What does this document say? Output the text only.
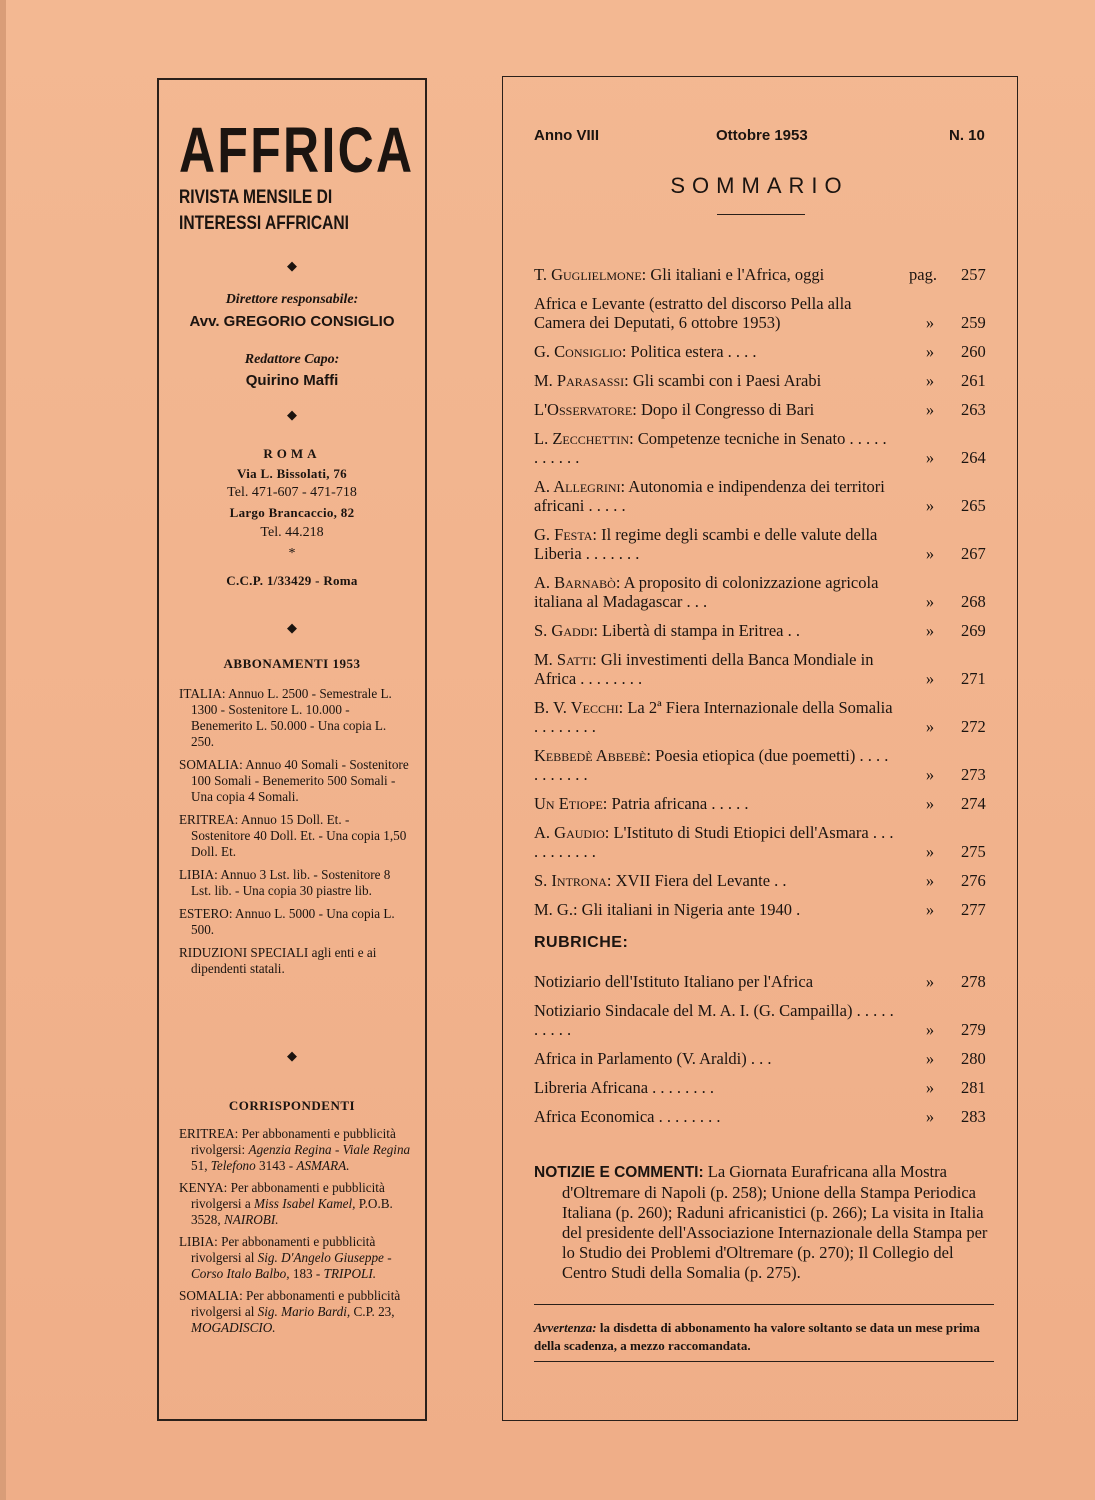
AFFRICA
RIVISTA MENSILE DI
INTERESSI AFFRICANI
◆
Direttore responsabile:
Avv. GREGORIO CONSIGLIO
Redattore Capo:
Quirino Maffi
◆
ROMA
Via L. Bissolati, 76
Tel. 471-607 - 471-718
Largo Brancaccio, 82
Tel. 44.218
*
C.C.P. 1/33429 - Roma
◆
ABBONAMENTI 1953
ITALIA: Annuo L. 2500 - Semestrale L. 1300 - Sostenitore L. 10.000 - Benemerito L. 50.000 - Una copia L. 250.
SOMALIA: Annuo 40 Somali - Sostenitore 100 Somali - Benemerito 500 Somali - Una copia 4 Somali.
ERITREA: Annuo 15 Doll. Et. - Sostenitore 40 Doll. Et. - Una copia 1,50 Doll. Et.
LIBIA: Annuo 3 Lst. lib. - Sostenitore 8 Lst. lib. - Una copia 30 piastre lib.
ESTERO: Annuo L. 5000 - Una copia L. 500.
RIDUZIONI SPECIALI agli enti e ai dipendenti statali.
◆
CORRISPONDENTI
ERITREA: Per abbonamenti e pubblicità rivolgersi: Agenzia Regina - Viale Regina 51, Telefono 3143 - ASMARA.
KENYA: Per abbonamenti e pubblicità rivolgersi a Miss Isabel Kamel, P.O.B. 3528, NAIROBI.
LIBIA: Per abbonamenti e pubblicità rivolgersi al Sig. D'Angelo Giuseppe - Corso Italo Balbo, 183 - TRIPOLI.
SOMALIA: Per abbonamenti e pubblicità rivolgersi al Sig. Mario Bardi, C.P. 23, MOGADISCIO.
Anno VIII	Ottobre 1953	N. 10
SOMMARIO
T. Guglielmone: Gli italiani e l'Africa, oggi	pag. 257
Africa e Levante (estratto del discorso Pella alla Camera dei Deputati, 6 ottobre 1953)	» 259
G. Consiglio: Politica estera . . . .	» 260
M. Parasassi: Gli scambi con i Paesi Arabi	» 261
L'Osservatore: Dopo il Congresso di Bari	» 263
L. Zecchettin: Competenze tecniche in Senato . . . . . . . . . . .	» 264
A. Allegrini: Autonomia e indipendenza dei territori africani . . . . .	» 265
G. Festa: Il regime degli scambi e delle valute della Liberia . . . . . . .	» 267
A. Barnabò: A proposito di colonizzazione agricola italiana al Madagascar . . .	» 268
S. Gaddi: Libertà di stampa in Eritrea . .	» 269
M. Satti: Gli investimenti della Banca Mondiale in Africa . . . . . . . .	» 271
B. V. Vecchi: La 2ª Fiera Internazionale della Somalia . . . . . . . .	» 272
Kebbedè Abbebè: Poesia etiopica (due poemetti) . . . . . . . . . . .	» 273
Un Etiope: Patria africana . . . . .	» 274
A. Gaudio: L'Istituto di Studi Etiopici dell'Asmara . . . . . . . . . . .	» 275
S. Introna: XVII Fiera del Levante . .	» 276
M. G.: Gli italiani in Nigeria ante 1940 .	» 277
RUBRICHE:
Notiziario dell'Istituto Italiano per l'Africa	» 278
Notiziario Sindacale del M. A. I. (G. Campailla) . . . . . . . . . .	» 279
Africa in Parlamento (V. Araldi) . . .	» 280
Libreria Africana . . . . . . . .	» 281
Africa Economica . . . . . . . .	» 283
NOTIZIE E COMMENTI: La Giornata Eurafricana alla Mostra d'Oltremare di Napoli (p. 258); Unione della Stampa Periodica Italiana (p. 260); Raduni africanistici (p. 266); La visita in Italia del presidente dell'Associazione Internazionale della Stampa per lo Studio dei Problemi d'Oltremare (p. 270); Il Collegio del Centro Studi della Somalia (p. 275).
Avvertenza: la disdetta di abbonamento ha valore soltanto se data un mese prima della scadenza, a mezzo raccomandata.
